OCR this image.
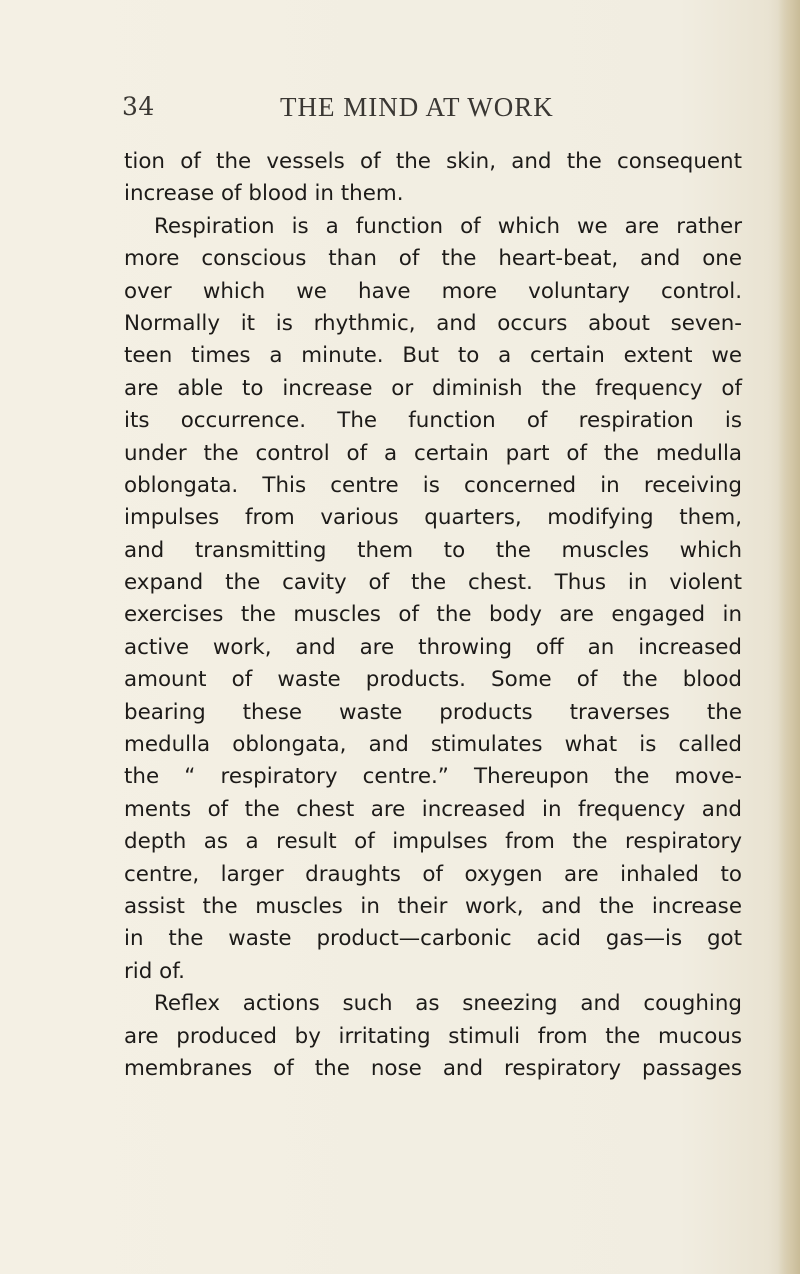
34	THE MIND AT WORK
tion of the vessels of the skin, and the consequent
increase of blood in them.
Respiration is a function of which we are rather
more conscious than of the heart-beat, and one
over which we have more voluntary control.
Normally it is rhythmic, and occurs about seven-
teen times a minute. But to a certain extent we
are able to increase or diminish the frequency of
its occurrence. The function of respiration is
under the control of a certain part of the medulla
oblongata. This centre is concerned in receiving
impulses from various quarters, modifying them,
and transmitting them to the muscles which
expand the cavity of the chest. Thus in violent
exercises the muscles of the body are engaged in
active work, and are throwing off an increased
amount of waste products. Some of the blood
bearing these waste products traverses the
medulla oblongata, and stimulates what is called
the “ respiratory centre.” Thereupon the move-
ments of the chest are increased in frequency and
depth as a result of impulses from the respiratory
centre, larger draughts of oxygen are inhaled to
assist the muscles in their work, and the increase
in the waste product—carbonic acid gas—is got
rid of.
Reflex actions such as sneezing and coughing
are produced by irritating stimuli from the mucous
membranes of the nose and respiratory passages
